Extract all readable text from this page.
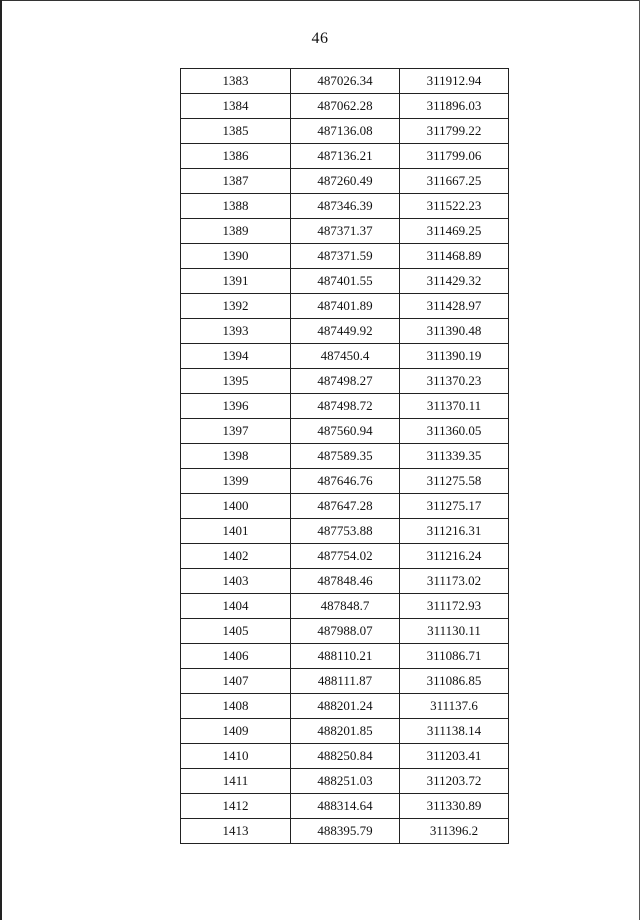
46
1383	487026.34	311912.94
1384	487062.28	311896.03
1385	487136.08	311799.22
1386	487136.21	311799.06
1387	487260.49	311667.25
1388	487346.39	311522.23
1389	487371.37	311469.25
1390	487371.59	311468.89
1391	487401.55	311429.32
1392	487401.89	311428.97
1393	487449.92	311390.48
1394	487450.4	311390.19
1395	487498.27	311370.23
1396	487498.72	311370.11
1397	487560.94	311360.05
1398	487589.35	311339.35
1399	487646.76	311275.58
1400	487647.28	311275.17
1401	487753.88	311216.31
1402	487754.02	311216.24
1403	487848.46	311173.02
1404	487848.7	311172.93
1405	487988.07	311130.11
1406	488110.21	311086.71
1407	488111.87	311086.85
1408	488201.24	311137.6
1409	488201.85	311138.14
1410	488250.84	311203.41
1411	488251.03	311203.72
1412	488314.64	311330.89
1413	488395.79	311396.2
